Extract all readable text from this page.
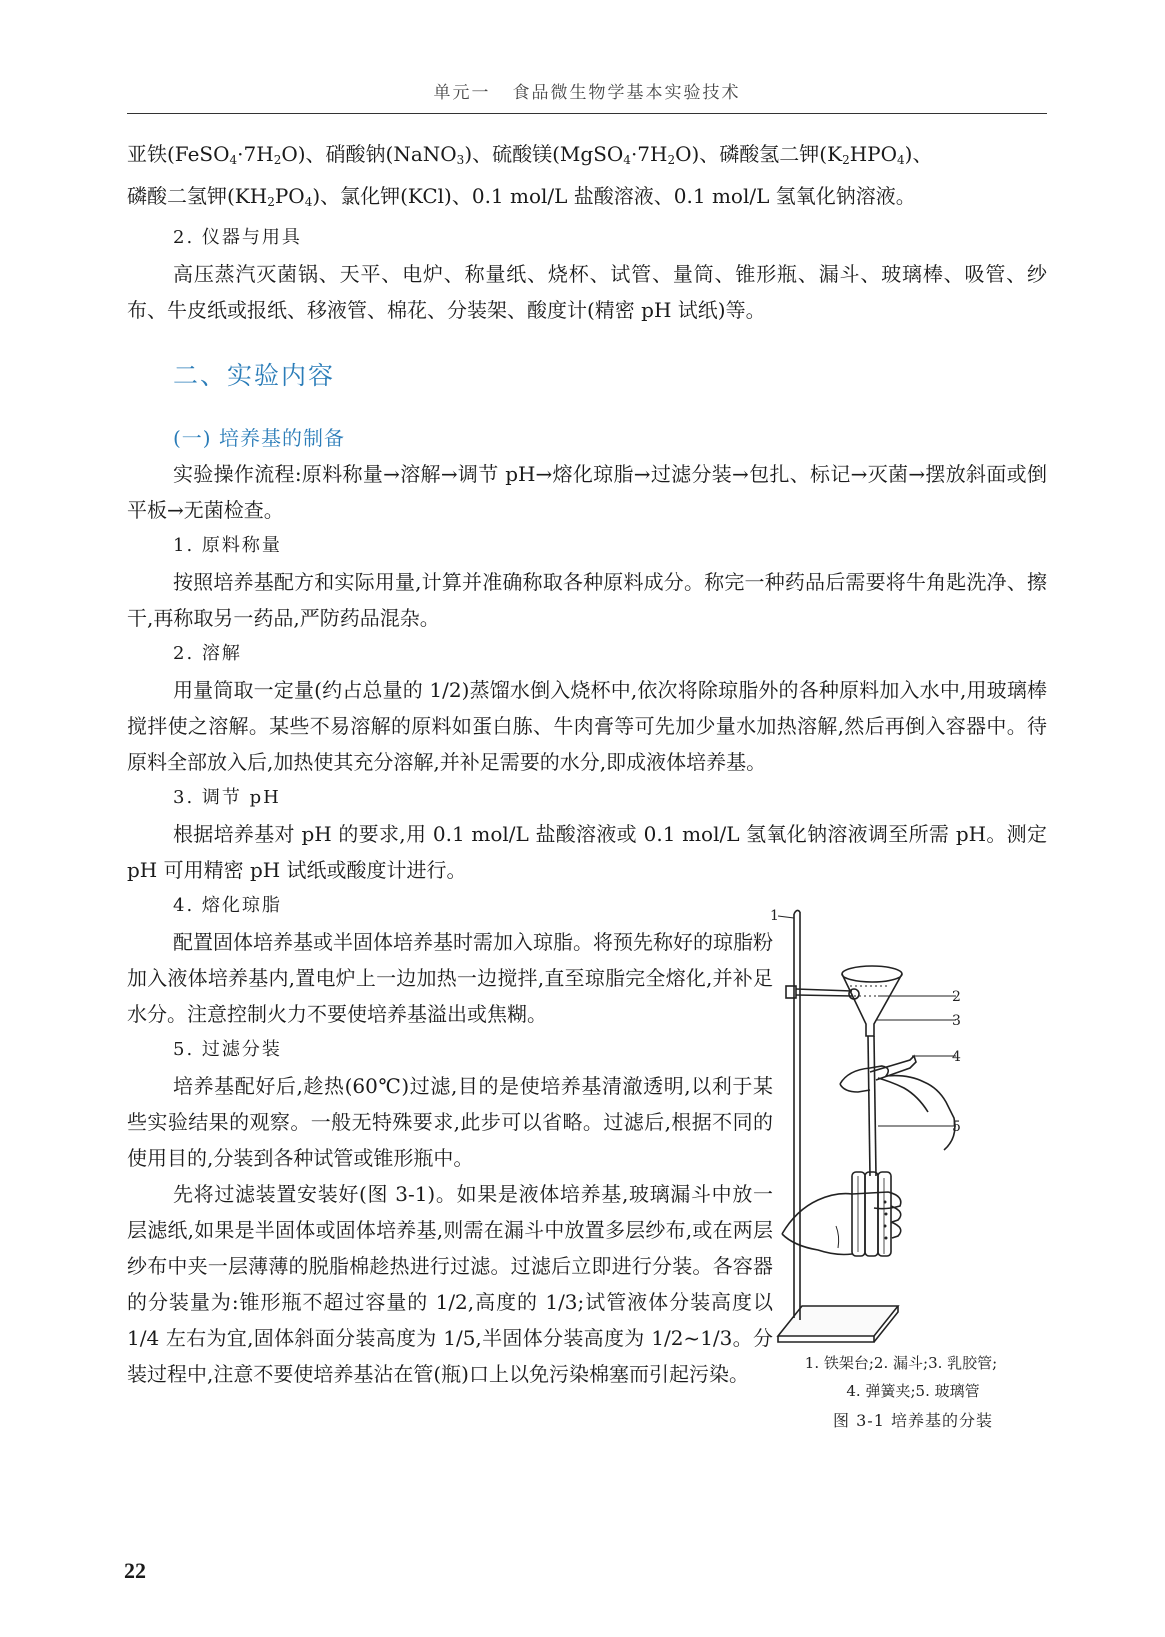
单元一 食品微生物学基本实验技术

亚铁$(FeSO_4\cdot 7H_2O)$、硝酸钠(NaNO$_3$)、硫酸镁$(MgSO_4\cdot 7H_2O)$、磷酸氢二钾$(K_2HPO_4)$、
磷酸二氢钾$(KH_2PO_4)$、氯化钾(KCl)、0.1 mol/L 盐酸溶液、0.1 mol/L 氢氧化钠溶液。

2. 仪器与用具

高压蒸汽灭菌锅、天平、电炉、称量纸、烧杯、试管、量筒、锥形瓶、漏斗、玻璃棒、吸管、纱布、牛皮纸或报纸、移液管、棉花、分装架、酸度计(精密 pH 试纸)等。

二、实验内容

(一) 培养基的制备

实验操作流程:原料称量→溶解→调节 pH→熔化琼脂→过滤分装→包扎、标记→灭菌→摆放斜面或倒平板→无菌检查。

1. 原料称量

按照培养基配方和实际用量,计算并准确称取各种原料成分。称完一种药品后需要将牛角匙洗净、擦干,再称取另一药品,严防药品混杂。

2. 溶解

用量筒取一定量(约占总量的 1/2)蒸馏水倒入烧杯中,依次将除琼脂外的各种原料加入水中,用玻璃棒搅拌使之溶解。某些不易溶解的原料如蛋白胨、牛肉膏等可先加少量水加热溶解,然后再倒入容器中。待原料全部放入后,加热使其充分溶解,并补足需要的水分,即成液体培养基。

3. 调节 pH

根据培养基对 pH 的要求,用 0.1 mol/L 盐酸溶液或 0.1 mol/L 氢氧化钠溶液调至所需 pH。测定 pH 可用精密 pH 试纸或酸度计进行。

4. 熔化琼脂

配置固体培养基或半固体培养基时需加入琼脂。将预先称好的琼脂粉加入液体培养基内,置电炉上一边加热一边搅拌,直至琼脂完全熔化,并补足水分。注意控制火力不要使培养基溢出或焦糊。

5. 过滤分装

培养基配好后,趁热(60℃)过滤,目的是使培养基清澈透明,以利于某些实验结果的观察。一般无特殊要求,此步可以省略。过滤后,根据不同的使用目的,分装到各种试管或锥形瓶中。

先将过滤装置安装好(图 3-1)。如果是液体培养基,玻璃漏斗中放一层滤纸,如果是半固体或固体培养基,则需在漏斗中放置多层纱布,或在两层纱布中夹一层薄薄的脱脂棉趁热进行过滤。过滤后立即进行分装。各容器的分装量为:锥形瓶不超过容量的 1/2,高度的 1/3;试管液体分装高度以 1/4 左右为宜,固体斜面分装高度为 1/5,半固体分装高度为 1/2~1/3。分装过程中,注意不要使培养基沾在管(瓶)口上以免污染棉塞而引起污染。

1
2
3
4
5
1. 铁架台;2. 漏斗;3. 乳胶管;
4. 弹簧夹;5. 玻璃管
图 3-1 培养基的分装
22
